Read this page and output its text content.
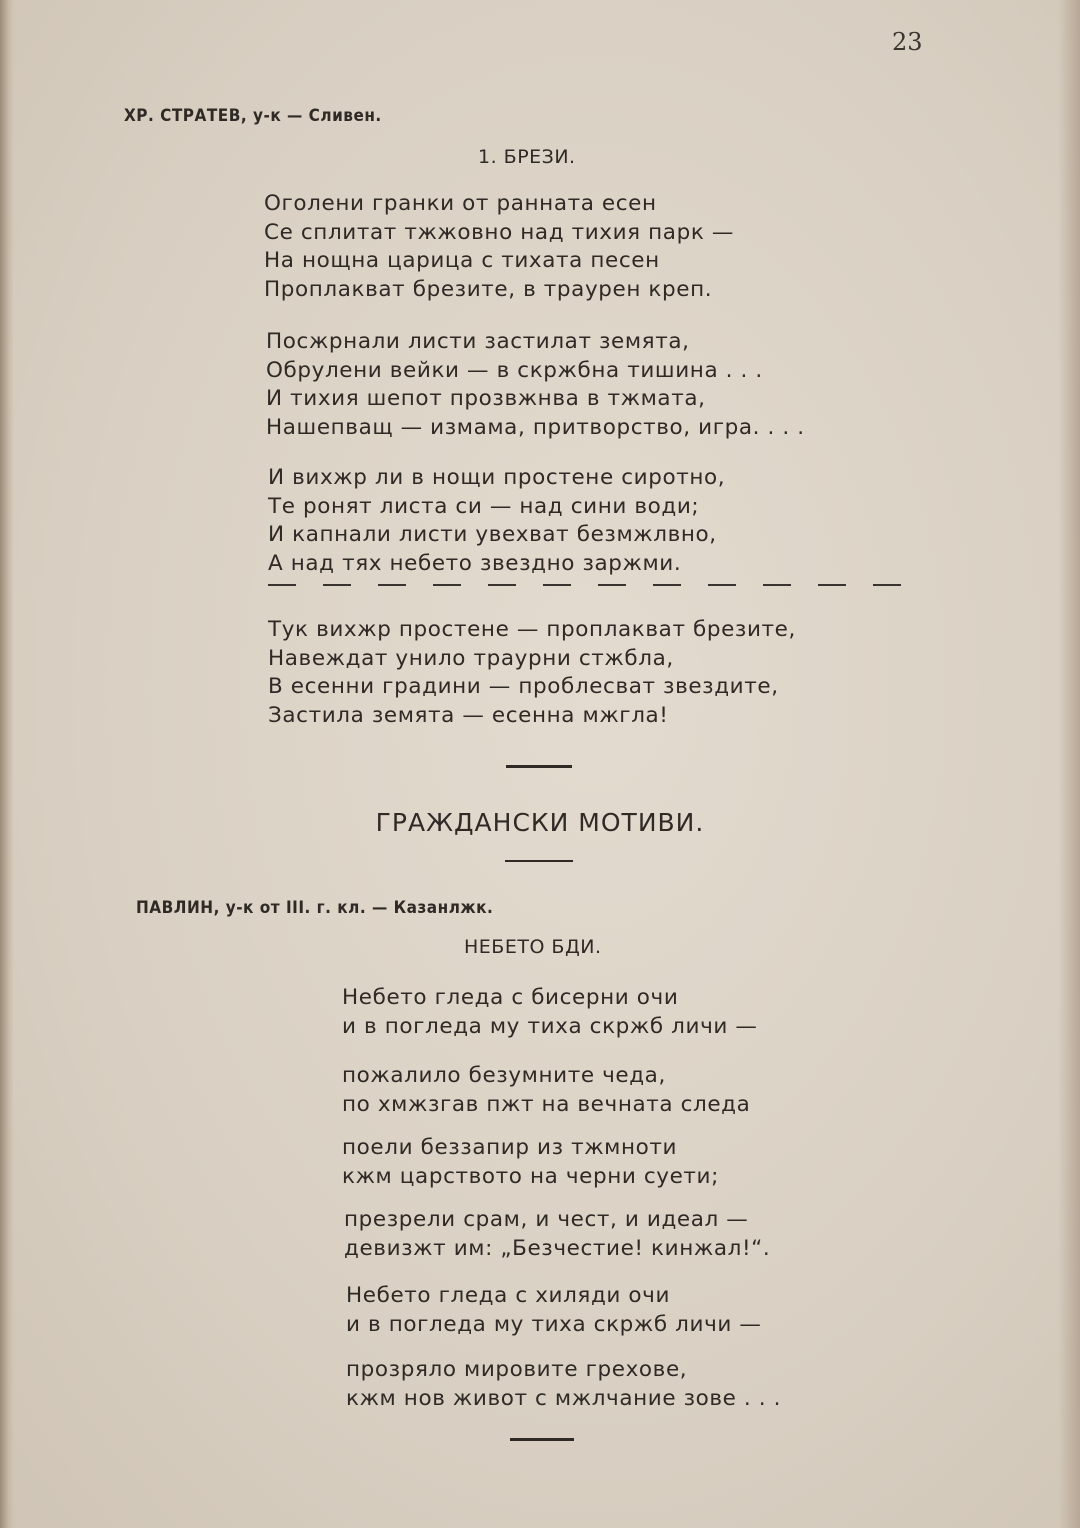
23
ХР. СТРАТЕВ, у-к — Сливен.
1. БРЕЗИ.
Оголени гранки от ранната есен
Се сплитат тжжовно над тихия парк —
На нощна царица с тихата песен
Проплакват брезите, в траурен креп.
Посжрнали листи застилат земята,
Обрулени вейки — в скржбна тишина . . .
И тихия шепот прозвжнва в тжмата,
Нашепващ — измама, притворство, игра. . . .
И вихжр ли в нощи простене сиротно,
Те ронят листа си — над сини води;
И капнали листи увехват безмжлвно,
А над тях небето звездно заржми.
Тук вихжр простене — проплакват брезите,
Навеждат унило траурни стжбла,
В есенни градини — проблесват звездите,
Застила земята — есенна мжгла!
ГРАЖДАНСКИ МОТИВИ.
ПАВЛИН, у-к от III. г. кл. — Казанлжк.
НЕБЕТО БДИ.
Небето гледа с бисерни очи
и в погледа му тиха скржб личи —
пожалило безумните чеда,
по хмжзгав пжт на вечната следа
поели беззапир из тжмноти
кжм царството на черни суети;
презрели срам, и чест, и идеал —
девизжт им: „Безчестие! кинжал!“.
Небето гледа с хиляди очи
и в погледа му тиха скржб личи —
прозряло мировите грехове,
кжм нов живот с мжлчание зове . . .
